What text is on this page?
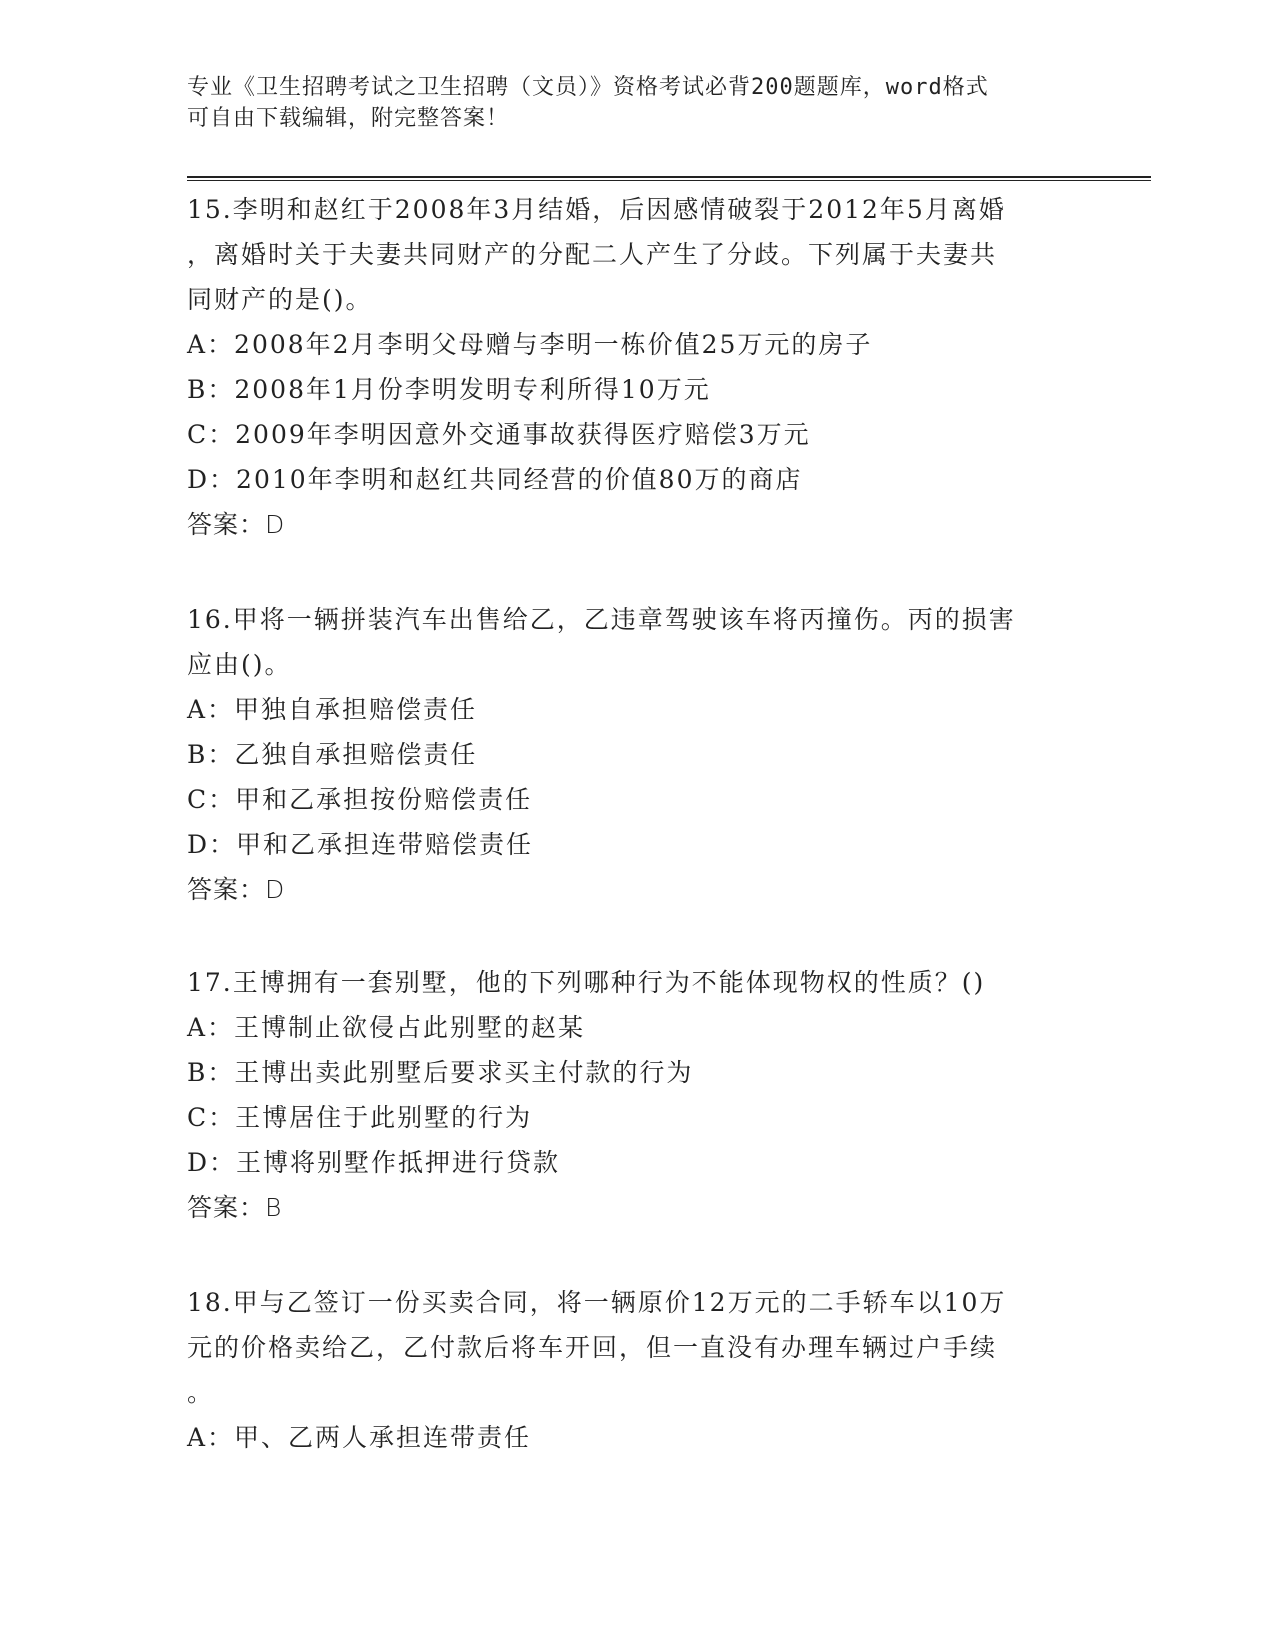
专业《卫生招聘考试之卫生招聘（文员）》资格考试必背200题题库，word格式
可自由下载编辑，附完整答案！

15.李明和赵红于2008年3月结婚，后因感情破裂于2012年5月离婚

，离婚时关于夫妻共同财产的分配二人产生了分歧。下列属于夫妻共

同财产的是()。

A：2008年2月李明父母赠与李明一栋价值25万元的房子

B：2008年1月份李明发明专利所得10万元

C：2009年李明因意外交通事故获得医疗赔偿3万元

D：2010年李明和赵红共同经营的价值80万的商店

答案：D

16.甲将一辆拼装汽车出售给乙，乙违章驾驶该车将丙撞伤。丙的损害

应由()。

A：甲独自承担赔偿责任

B：乙独自承担赔偿责任

C：甲和乙承担按份赔偿责任

D：甲和乙承担连带赔偿责任

答案：D

17.王博拥有一套别墅，他的下列哪种行为不能体现物权的性质？()

A：王博制止欲侵占此别墅的赵某

B：王博出卖此别墅后要求买主付款的行为

C：王博居住于此别墅的行为

D：王博将别墅作抵押进行贷款

答案：B

18.甲与乙签订一份买卖合同，将一辆原价12万元的二手轿车以10万

元的价格卖给乙，乙付款后将车开回，但一直没有办理车辆过户手续

。

A：甲、乙两人承担连带责任
